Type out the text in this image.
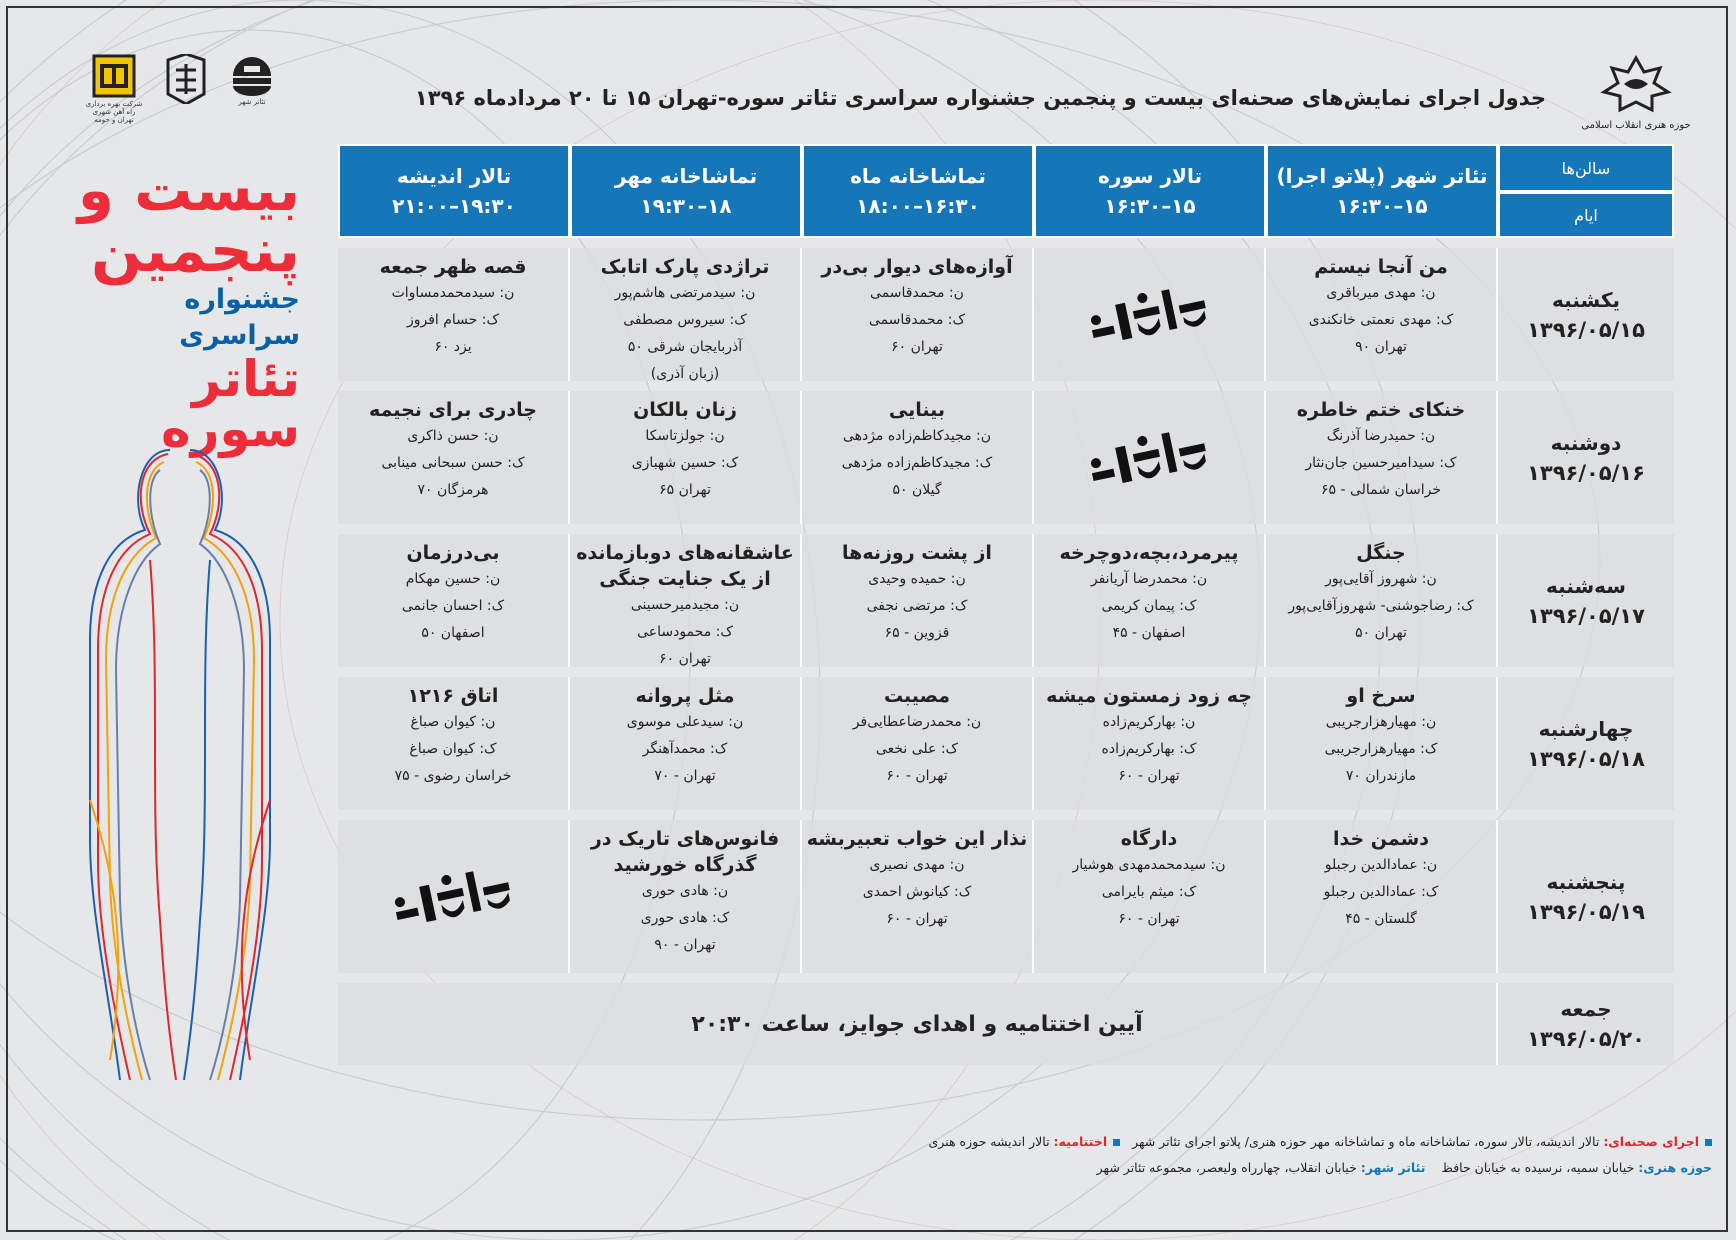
حوزه هنری انقلاب اسلامی
شرکت بهره برداری راه آهن شهری تهران و حومه
تئاتر شهر	جدول اجرای نمایش‌های صحنه‌ای بیست و پنجمین جشنواره سراسری تئاتر سوره-تهران ۱۵ تا ۲۰ مردادماه ۱۳۹۶
بیست و
پنجمین
جشنواره سراسری
تئاتر
سوره
تئاتر شهر (پلاتو اجرا)
۱۵–۱۶:۳۰
تالار سوره
۱۵–۱۶:۳۰
تماشاخانه ماه
۱۶:۳۰–۱۸:۰۰
تماشاخانه مهر
۱۸–۱۹:۳۰
تالار اندیشه
۱۹:۳۰–۲۱:۰۰
سالن‌ها
ایام
من آنجا نیستم
ن: مهدی میرباقری
ک: مهدی نعمتی خانکندی
تهران ۹۰
آوازه‌های دیوار بی‌در
ن: محمدقاسمی
ک: محمدقاسمی
تهران ۶۰
تراژدی پارک اتابک
ن: سیدمرتضی هاشم‌پور
ک: سیروس مصطفی
آذربایجان شرقی ۵۰
(زبان آذری)
قصه ظهر جمعه
ن: سیدمحمدمساوات
ک: حسام افروز
یزد ۶۰
یکشنبه
۱۳۹۶/۰۵/۱۵
خنکای ختم خاطره
ن: حمیدرضا آذرنگ
ک: سیدامیرحسین جان‌نثار
خراسان شمالی - ۶۵
بینایی
ن: مجیدکاظم‌زاده مژدهی
ک: مجیدکاظم‌زاده مژدهی
گیلان ۵۰
زنان بالکان
ن: جولزتاسکا
ک: حسین شهبازی
تهران ۶۵
چادری برای نجیمه
ن: حسن ذاکری
ک: حسن سبحانی مینابی
هرمزگان ۷۰
دوشنبه
۱۳۹۶/۰۵/۱۶
جنگل
ن: شهروز آقایی‌پور
ک: رضاجوشنی- شهروزآقایی‌پور
تهران ۵۰
پیرمرد،بچه،دوچرخه
ن: محمدرضا آریانفر
ک: پیمان کریمی
اصفهان - ۴۵
از پشت روزنه‌ها
ن: حمیده وحیدی
ک: مرتضی نجفی
قزوین - ۶۵
عاشقانه‌های دوبازمانده از یک جنایت جنگی
ن: مجیدمیرحسینی
ک: محمودساعی
تهران ۶۰
بی‌درزمان
ن: حسین مهکام
ک: احسان جانمی
اصفهان ۵۰
سه‌شنبه
۱۳۹۶/۰۵/۱۷
سرخ او
ن: مهیارهزارجریبی
ک: مهیارهزارجریبی
مازندران ۷۰
چه زود زمستون میشه
ن: بهارکریم‌زاده
ک: بهارکریم‌زاده
تهران - ۶۰
مصیبت
ن: محمدرضاعطایی‌فر
ک: علی نخعی
تهران - ۶۰
مثل پروانه
ن: سیدعلی موسوی
ک: محمدآهنگر
تهران - ۷۰
اتاق ۱۲۱۶
ن: کیوان صباغ
ک: کیوان صباغ
خراسان رضوی - ۷۵
چهارشنبه
۱۳۹۶/۰۵/۱۸
دشمن خدا
ن: عمادالدین رجبلو
ک: عمادالدین رجبلو
گلستان - ۴۵
دارگاه
ن: سیدمحمدمهدی هوشیار
ک: میثم بایرامی
تهران - ۶۰
نذار این خواب تعبیربشه
ن: مهدی نصیری
ک: کیانوش احمدی
تهران - ۶۰
فانوس‌های تاریک در گذرگاه خورشید
ن: هادی حوری
ک: هادی حوری
تهران - ۹۰
پنجشنبه
۱۳۹۶/۰۵/۱۹
آیین اختتامیه و اهدای جوایز، ساعت ۲۰:۳۰
جمعه
۱۳۹۶/۰۵/۲۰
اجرای صحنه‌ای: تالار اندیشه، تالار سوره، تماشاخانه ماه و تماشاخانه مهر حوزه هنری/ پلاتو اجرای تئاتر شهر   اختتامیه: تالار اندیشه حوزه هنری
حوزه هنری: خیابان سمیه، نرسیده به خیابان حافظ    تئاتر شهر: خیابان انقلاب، چهارراه ولیعصر، مجموعه تئاتر شهر
